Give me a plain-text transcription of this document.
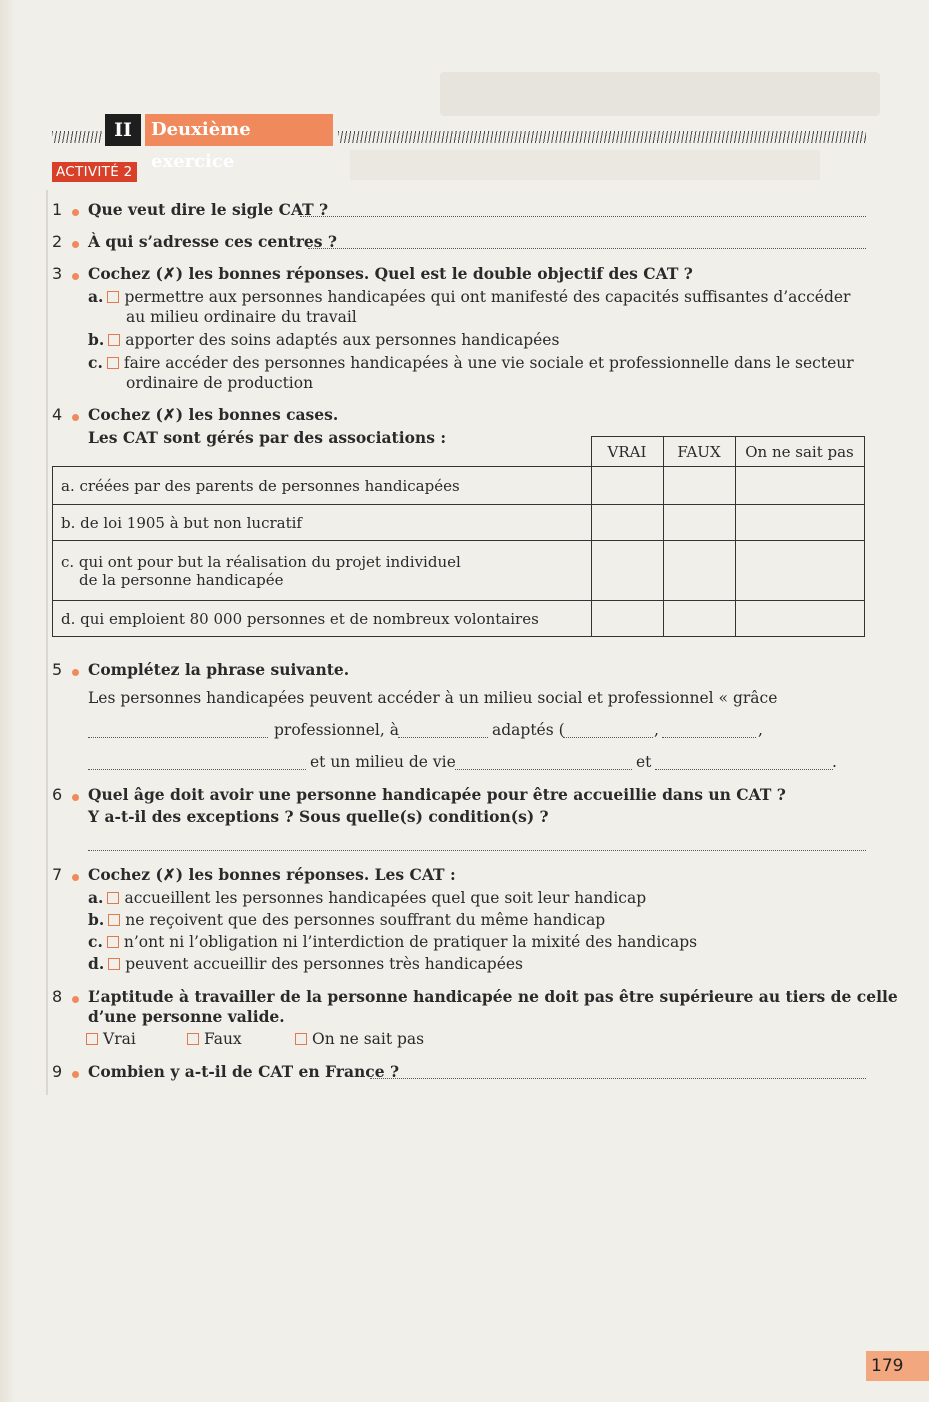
II	Deuxième exercice
ACTIVITÉ 2
1 Que veut dire le sigle CAT ?
2 À qui s’adresse ces centres ?
3 Cochez (✗) les bonnes réponses. Quel est le double objectif des CAT ?
a. permettre aux personnes handicapées qui ont manifesté des capacités suffisantes d’accéder
au milieu ordinaire du travail
b. apporter des soins adaptés aux personnes handicapées
c. faire accéder des personnes handicapées à une vie sociale et professionnelle dans le secteur
ordinaire de production
4 Cochez (✗) les bonnes cases.
Les CAT sont gérés par des associations :
	VRAI	FAUX	On ne sait pas
a. créées par des parents de personnes handicapées			
b. de loi 1905 à but non lucratif			

c. qui ont pour but la réalisation du projet individuel
de la personne handicapée			

d. qui emploient 80 000 personnes et de nombreux volontaires			
5 Complétez la phrase suivante.
Les personnes handicapées peuvent accéder à un milieu social et professionnel « grâce
professionnel, à	adaptés (	,	,
et un milieu de vie	et	.
6 Quel âge doit avoir une personne handicapée pour être accueillie dans un CAT ?
Y a-t-il des exceptions ? Sous quelle(s) condition(s) ?
7 Cochez (✗) les bonnes réponses. Les CAT :
a. accueillent les personnes handicapées quel que soit leur handicap
b. ne reçoivent que des personnes souffrant du même handicap
c. n’ont ni l’obligation ni l’interdiction de pratiquer la mixité des handicaps
d. peuvent accueillir des personnes très handicapées
8 L’aptitude à travailler de la personne handicapée ne doit pas être supérieure au tiers de celle
d’une personne valide.
Vrai	Faux	On ne sait pas
9 Combien y a-t-il de CAT en France ?
179
